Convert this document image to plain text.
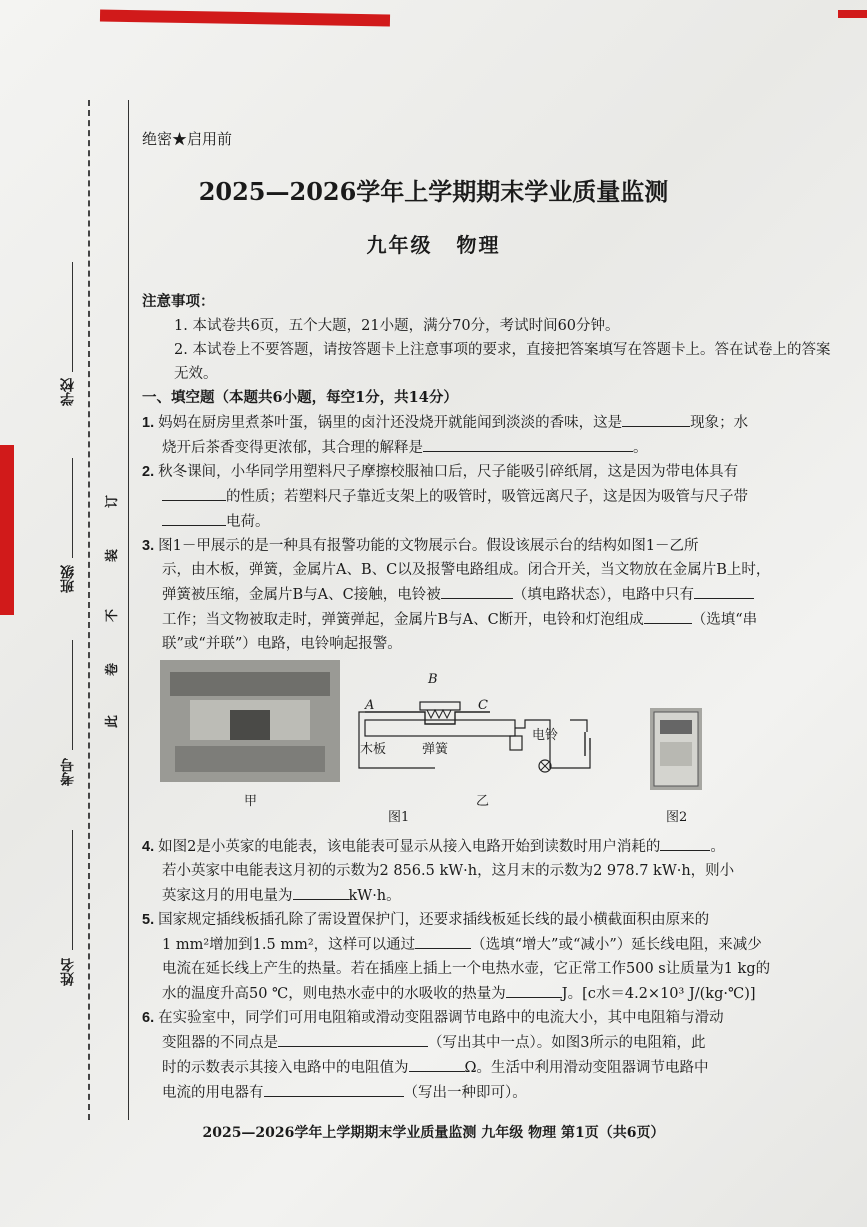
学校
班级
考号
姓名
订
装
不
卷
此
绝密★启用前
2025—2026学年上学期期末学业质量监测
九年级 物理

注意事项：

1. 本试卷共6页，五个大题，21小题，满分70分，考试时间60分钟。

2. 本试卷上不要答题，请按答题卡上注意事项的要求，直接把答案填写在答题卡上。答在试卷上的答案无效。

一、填空题（本题共6小题，每空1分，共14分）

1. 妈妈在厨房里煮茶叶蛋，锅里的卤汁还没烧开就能闻到淡淡的香味，这是	现象；水

烧开后茶香变得更浓郁，其合理的解释是	。

2. 秋冬课间，小华同学用塑料尺子摩擦校服袖口后，尺子能吸引碎纸屑，这是因为带电体具有

的性质；若塑料尺子靠近支架上的吸管时，吸管远离尺子，这是因为吸管与尺子带

电荷。

3. 图1－甲展示的是一种具有报警功能的文物展示台。假设该展示台的结构如图1－乙所

示，由木板，弹簧，金属片A、B、C以及报警电路组成。闭合开关，当文物放在金属片B上时，

弹簧被压缩，金属片B与A、C接触，电铃被	（填电路状态），电路中只有

工作；当文物被取走时，弹簧弹起，金属片B与A、C断开，电铃和灯泡组成	（选填“串

联”或“并联”）电路，电铃响起报警。

甲
A
B
C
木板	弹簧
电铃
乙
图1	图2

4. 如图2是小英家的电能表，该电能表可显示从接入电路开始到读数时用户消耗的	。

若小英家中电能表这月初的示数为2 856.5 kW·h，这月末的示数为2 978.7 kW·h，则小

英家这月的用电量为	kW·h。

5. 国家规定插线板插孔除了需设置保护门，还要求插线板延长线的最小横截面积由原来的

1 mm²增加到1.5 mm²，这样可以通过	（选填“增大”或“减小”）延长线电阻，来减少

电流在延长线上产生的热量。若在插座上插上一个电热水壶，它正常工作500 s让质量为1 kg的

水的温度升高50 ℃，则电热水壶中的水吸收的热量为	J。[c水＝4.2×10³ J/(kg·℃)]

6. 在实验室中，同学们可用电阻箱或滑动变阻器调节电路中的电流大小，其中电阻箱与滑动

变阻器的不同点是	（写出其中一点）。如图3所示的电阻箱，此

时的示数表示其接入电路中的电阻值为	Ω。生活中利用滑动变阻器调节电路中

电流的用电器有	（写出一种即可）。

2025—2026学年上学期期末学业质量监测 九年级 物理 第1页（共6页）
